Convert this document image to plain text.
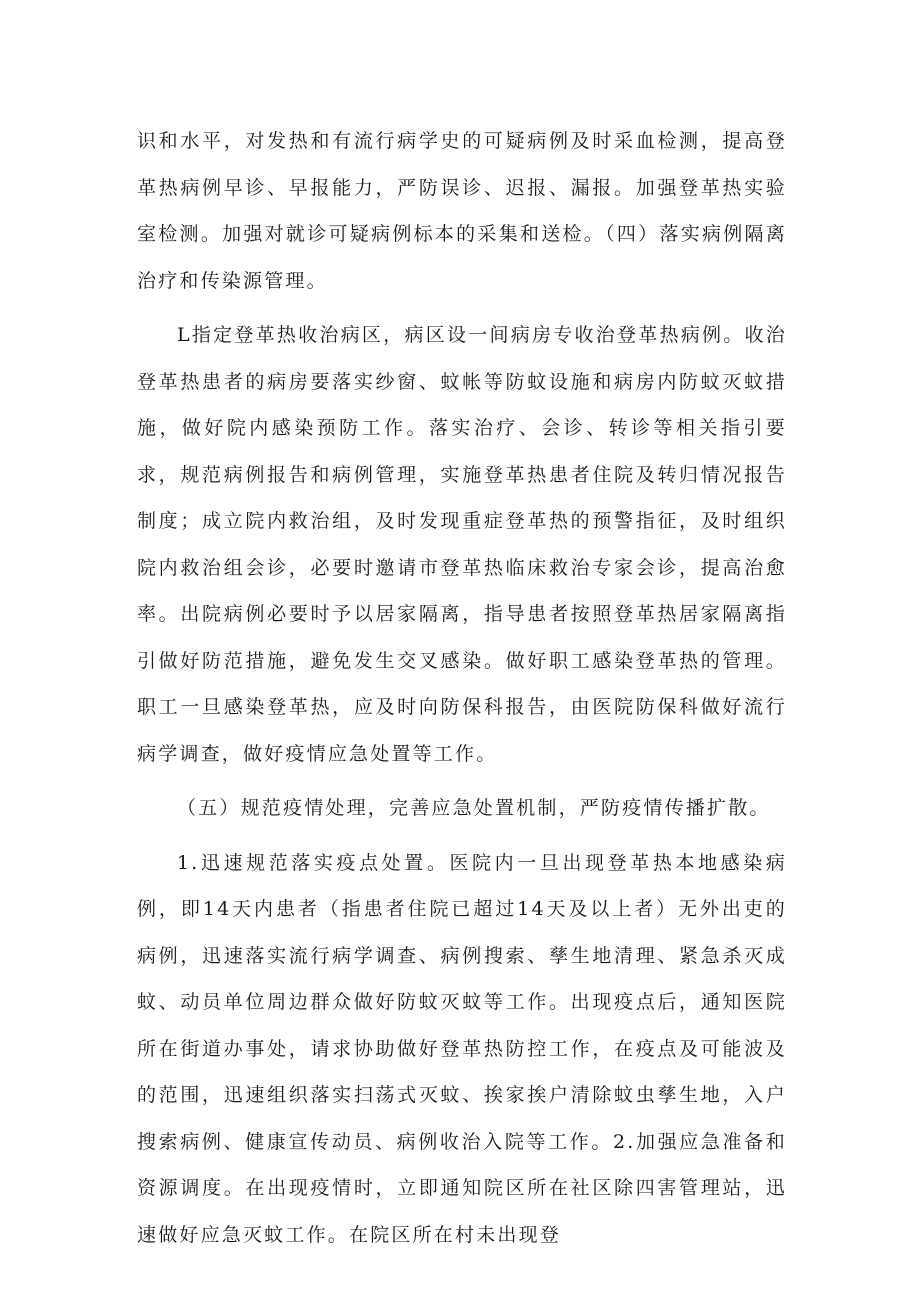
识和水平，对发热和有流行病学史的可疑病例及时采血检测，提高登革热病例早诊、早报能力，严防误诊、迟报、漏报。加强登革热实验室检测。加强对就诊可疑病例标本的采集和送检。（四）落实病例隔离治疗和传染源管理。

L指定登革热收治病区，病区设一间病房专收治登革热病例。收治登革热患者的病房要落实纱窗、蚊帐等防蚊设施和病房内防蚊灭蚊措施，做好院内感染预防工作。落实治疗、会诊、转诊等相关指引要求，规范病例报告和病例管理，实施登革热患者住院及转归情况报告制度；成立院内救治组，及时发现重症登革热的预警指征，及时组织院内救治组会诊，必要时邀请市登革热临床救治专家会诊，提高治愈率。出院病例必要时予以居家隔离，指导患者按照登革热居家隔离指引做好防范措施，避免发生交叉感染。做好职工感染登革热的管理。职工一旦感染登革热，应及时向防保科报告，由医院防保科做好流行病学调查，做好疫情应急处置等工作。

（五）规范疫情处理，完善应急处置机制，严防疫情传播扩散。

1.迅速规范落实疫点处置。医院内一旦出现登革热本地感染病例，即14天内患者（指患者住院已超过14天及以上者）无外出吏的病例，迅速落实流行病学调查、病例搜索、孳生地清理、紧急杀灭成蚊、动员单位周边群众做好防蚊灭蚊等工作。出现疫点后，通知医院所在街道办事处，请求协助做好登革热防控工作，在疫点及可能波及的范围，迅速组织落实扫荡式灭蚊、挨家挨户清除蚊虫孳生地，入户搜索病例、健康宣传动员、病例收治入院等工作。2.加强应急准备和资源调度。在出现疫情时，立即通知院区所在社区除四害管理站，迅速做好应急灭蚊工作。在院区所在村未出现登
